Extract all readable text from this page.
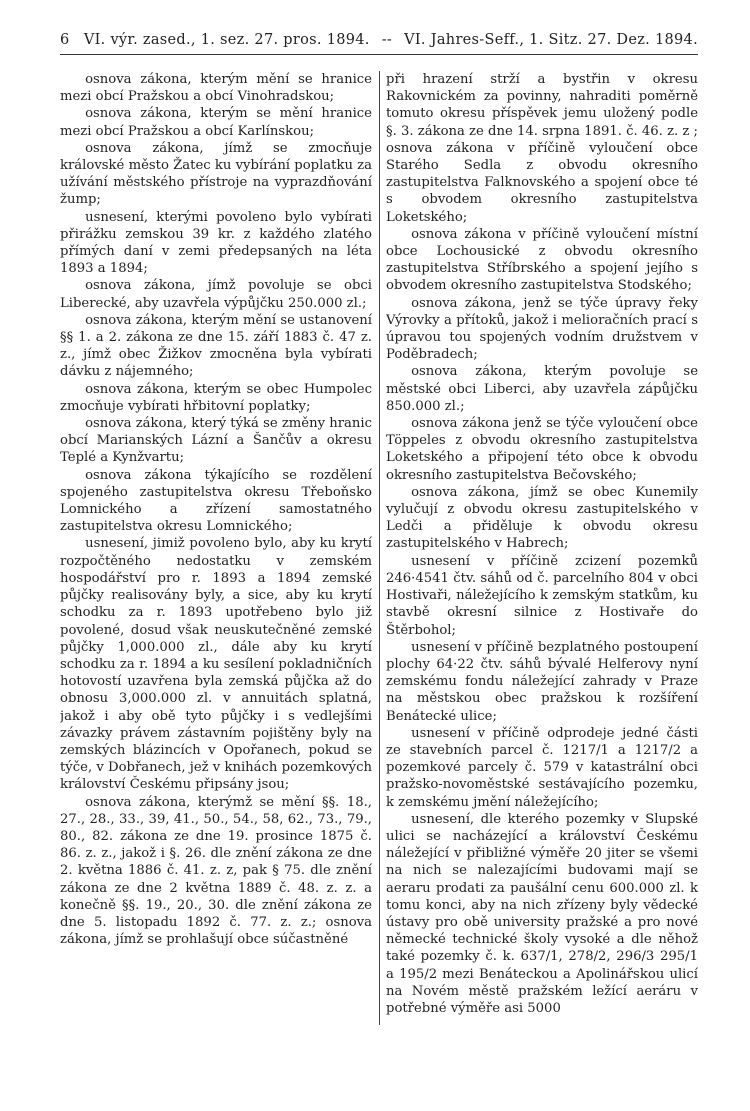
6 VI. výr. zased., 1. sez. 27. pros. 1894. -- VI. Jahres-Seff., 1. Sitz. 27. Dez. 1894.

osnova zákona, kterým mění se hranice mezi obcí Pražskou a obcí Vinohradskou;

osnova zákona, kterým se mění hranice mezi obcí Pražskou a obcí Karlínskou;

osnova zákona, jímž se zmocňuje královské město Žatec ku vybírání poplatku za užívání městského přístroje na vyprazdňování žump;

usnesení, kterými povoleno bylo vybírati přirážku zemskou 39 kr. z každého zlatého přímých daní v zemi předepsaných na léta 1893 a 1894;

osnova zákona, jímž povoluje se obci Liberecké, aby uzavřela výpůjčku 250.000 zl.;

osnova zákona, kterým mění se ustanovení §§ 1. a 2. zákona ze dne 15. září 1883 č. 47 z. z., jímž obec Žižkov zmocněna byla vybírati dávku z nájemného;

osnova zákona, kterým se obec Humpolec zmocňuje vybírati hřbitovní poplatky;

osnova zákona, který týká se změny hranic obcí Marianských Lázní a Šančův a okresu Teplé a Kynžvartu;

osnova zákona týkajícího se rozdělení spojeného zastupitelstva okresu Třeboňsko Lomnického a zřízení samostatného zastupitelstva okresu Lomnického;

usnesení, jimiž povoleno bylo, aby ku krytí rozpočtěného nedostatku v zemském hospodářství pro r. 1893 a 1894 zemské půjčky realisovány byly, a sice, aby ku krytí schodku za r. 1893 upotřebeno bylo již povolené, dosud však neuskutečněné zemské půjčky 1,000.000 zl., dále aby ku krytí schodku za r. 1894 a ku sesílení pokladničních hotovostí uzavřena byla zemská půjčka až do obnosu 3,000.000 zl. v annuitách splatná, jakož i aby obě tyto půjčky i s vedlejšími závazky právem zástavním pojištěny byly na zemských blázincích v Opořanech, pokud se týče, v Dobřanech, jež v knihách pozemkových království Českému připsány jsou;

osnova zákona, kterýmž se mění §§. 18., 27., 28., 33., 39, 41., 50., 54., 58, 62., 73., 79., 80., 82. zákona ze dne 19. prosince 1875 č. 86. z. z., jakož i §. 26. dle znění zákona ze dne 2. května 1886 č. 41. z. z, pak § 75. dle znění zákona ze dne 2 května 1889 č. 48. z. z. a konečně §§. 19., 20., 30. dle znění zákona ze dne 5. listopadu 1892 č. 77. z. z.; osnova zákona, jímž se prohlašují obce súčastněné

při hrazení strží a bystřin v okresu Rakovnickém za povinny, nahraditi poměrně tomuto okresu příspěvek jemu uložený podle §. 3. zákona ze dne 14. srpna 1891. č. 46. z. z ; osnova zákona v příčině vyloučení obce Starého Sedla z obvodu okresního zastupitelstva Falknovského a spojení obce té s obvodem okresního zastupitelstva Loketského;

osnova zákona v příčině vyloučení místní obce Lochousické z obvodu okresního zastupitelstva Stříbrského a spojení jejího s obvodem okresního zastupitelstva Stodského;

osnova zákona, jenž se týče úpravy řeky Výrovky a přítoků, jakož i melioračních prací s úpravou tou spojených vodním družstvem v Poděbradech;

osnova zákona, kterým povoluje se městské obci Liberci, aby uzavřela zápůjčku 850.000 zl.;

osnova zákona jenž se týče vyloučení obce Töppeles z obvodu okresního zastupitelstva Loketského a připojení této obce k obvodu okresního zastupitelstva Bečovského;

osnova zákona, jímž se obec Kunemily vylučují z obvodu okresu zastupitelského v Ledči a přiděluje k obvodu okresu zastupitelského v Habrech;

usnesení v příčině zcizení pozemků 246·4541 čtv. sáhů od č. parcelního 804 v obci Hostivaři, náležejícího k zemským statkům, ku stavbě okresní silnice z Hostivaře do Štěrbohol;

usnesení v příčině bezplatného postoupení plochy 64·22 čtv. sáhů bývalé Helferovy nyní zemskému fondu náležející zahrady v Praze na městskou obec pražskou k rozšíření Benátecké ulice;

usnesení v příčině odprodeje jedné části ze stavebních parcel č. 1217/1 a 1217/2 a pozemkové parcely č. 579 v katastrální obci pražsko-novoměstské sestávajícího pozemku, k zemskému jmění náležejícího;

usnesení, dle kterého pozemky v Slupské ulici se nacházející a království Českému náležející v přibližné výměře 20 jiter se všemi na nich se nalezajícími budovami mají se aeraru prodati za paušální cenu 600.000 zl. k tomu konci, aby na nich zřízeny byly vědecké ústavy pro obě university pražské a pro nové německé technické školy vysoké a dle něhož také pozemky č. k. 637/1, 278/2, 296/3 295/1 a 195/2 mezi Benáteckou a Apolinářskou ulicí na Novém městě pražském ležící aeráru v potřebné výměře asi 5000
